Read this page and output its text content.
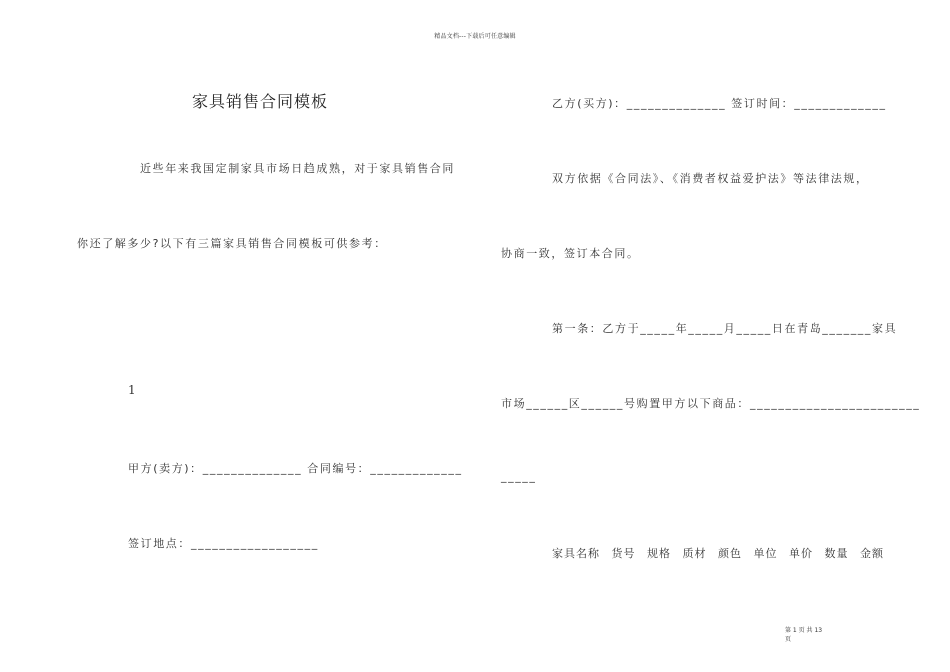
精品文档---下载后可任意编辑
家具销售合同模板
近些年来我国定制家具市场日趋成熟，对于家具销售合同
你还了解多少?以下有三篇家具销售合同模板可供参考：
1
甲方(卖方)：______________ 合同编号：_____________
签订地点：__________________
乙方(买方)：______________ 签订时间：_____________
双方依据《合同法》、《消费者权益爱护法》等法律法规，
协商一致，签订本合同。
第一条：乙方于_____年_____月_____日在青岛_______家具
市场______区______号购置甲方以下商品：________________________
_____
家具名称 货号 规格 质材 颜色 单位 单价 数量 金额
第 1 页 共 13
页
